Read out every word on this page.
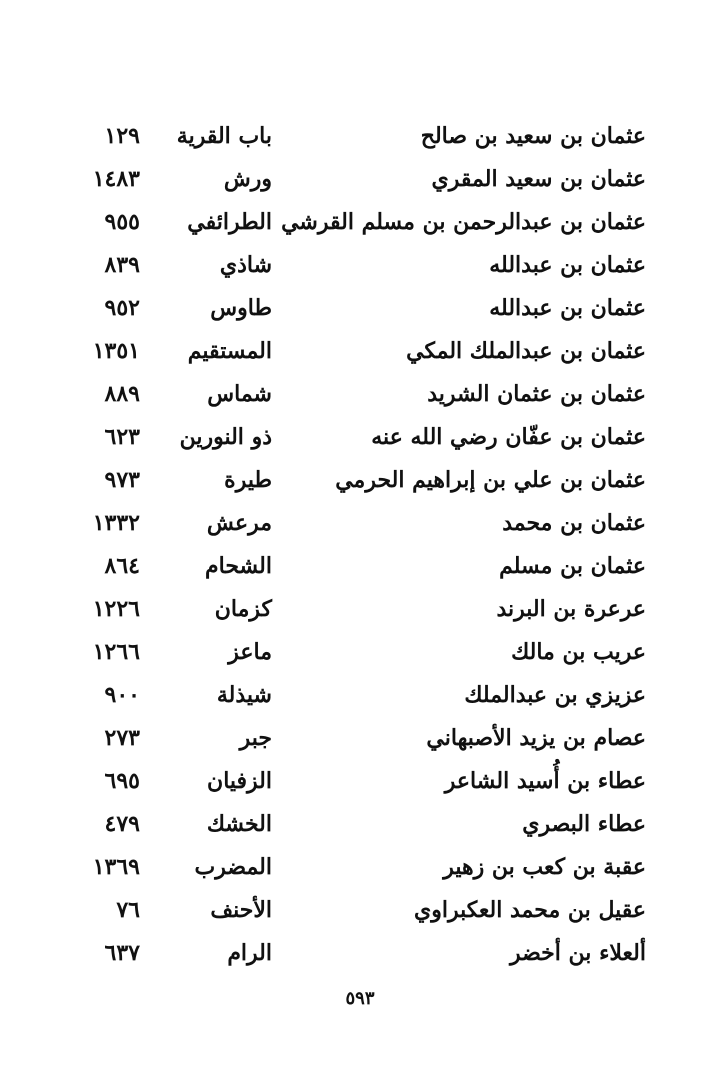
عثمان بن سعيد بن صالح
باب القرية
١٢٩
عثمان بن سعيد المقري
ورش
١٤٨٣
عثمان بن عبدالرحمن بن مسلم القرشي
الطرائفي
٩٥٥
عثمان بن عبدالله
شاذي
٨٣٩
عثمان بن عبدالله
طاوس
٩٥٢
عثمان بن عبدالملك المكي
المستقيم
١٣٥١
عثمان بن عثمان الشريد
شماس
٨٨٩
عثمان بن عفّان رضي الله عنه
ذو النورين
٦٢٣
عثمان بن علي بن إبراهيم الحرمي
طيرة
٩٧٣
عثمان بن محمد
مرعش
١٣٣٢
عثمان بن مسلم
الشحام
٨٦٤
عرعرة بن البرند
كزمان
١٢٢٦
عريب بن مالك
ماعز
١٢٦٦
عزيزي بن عبدالملك
شيذلة
٩٠٠
عصام بن يزيد الأصبهاني
جبر
٢٧٣
عطاء بن أُسيد الشاعر
الزفيان
٦٩٥
عطاء البصري
الخشك
٤٧٩
عقبة بن كعب بن زهير
المضرب
١٣٦٩
عقيل بن محمد العكبراوي
الأحنف
٧٦
ألعلاء بن أخضر
الرام
٦٣٧
٥٩٣
